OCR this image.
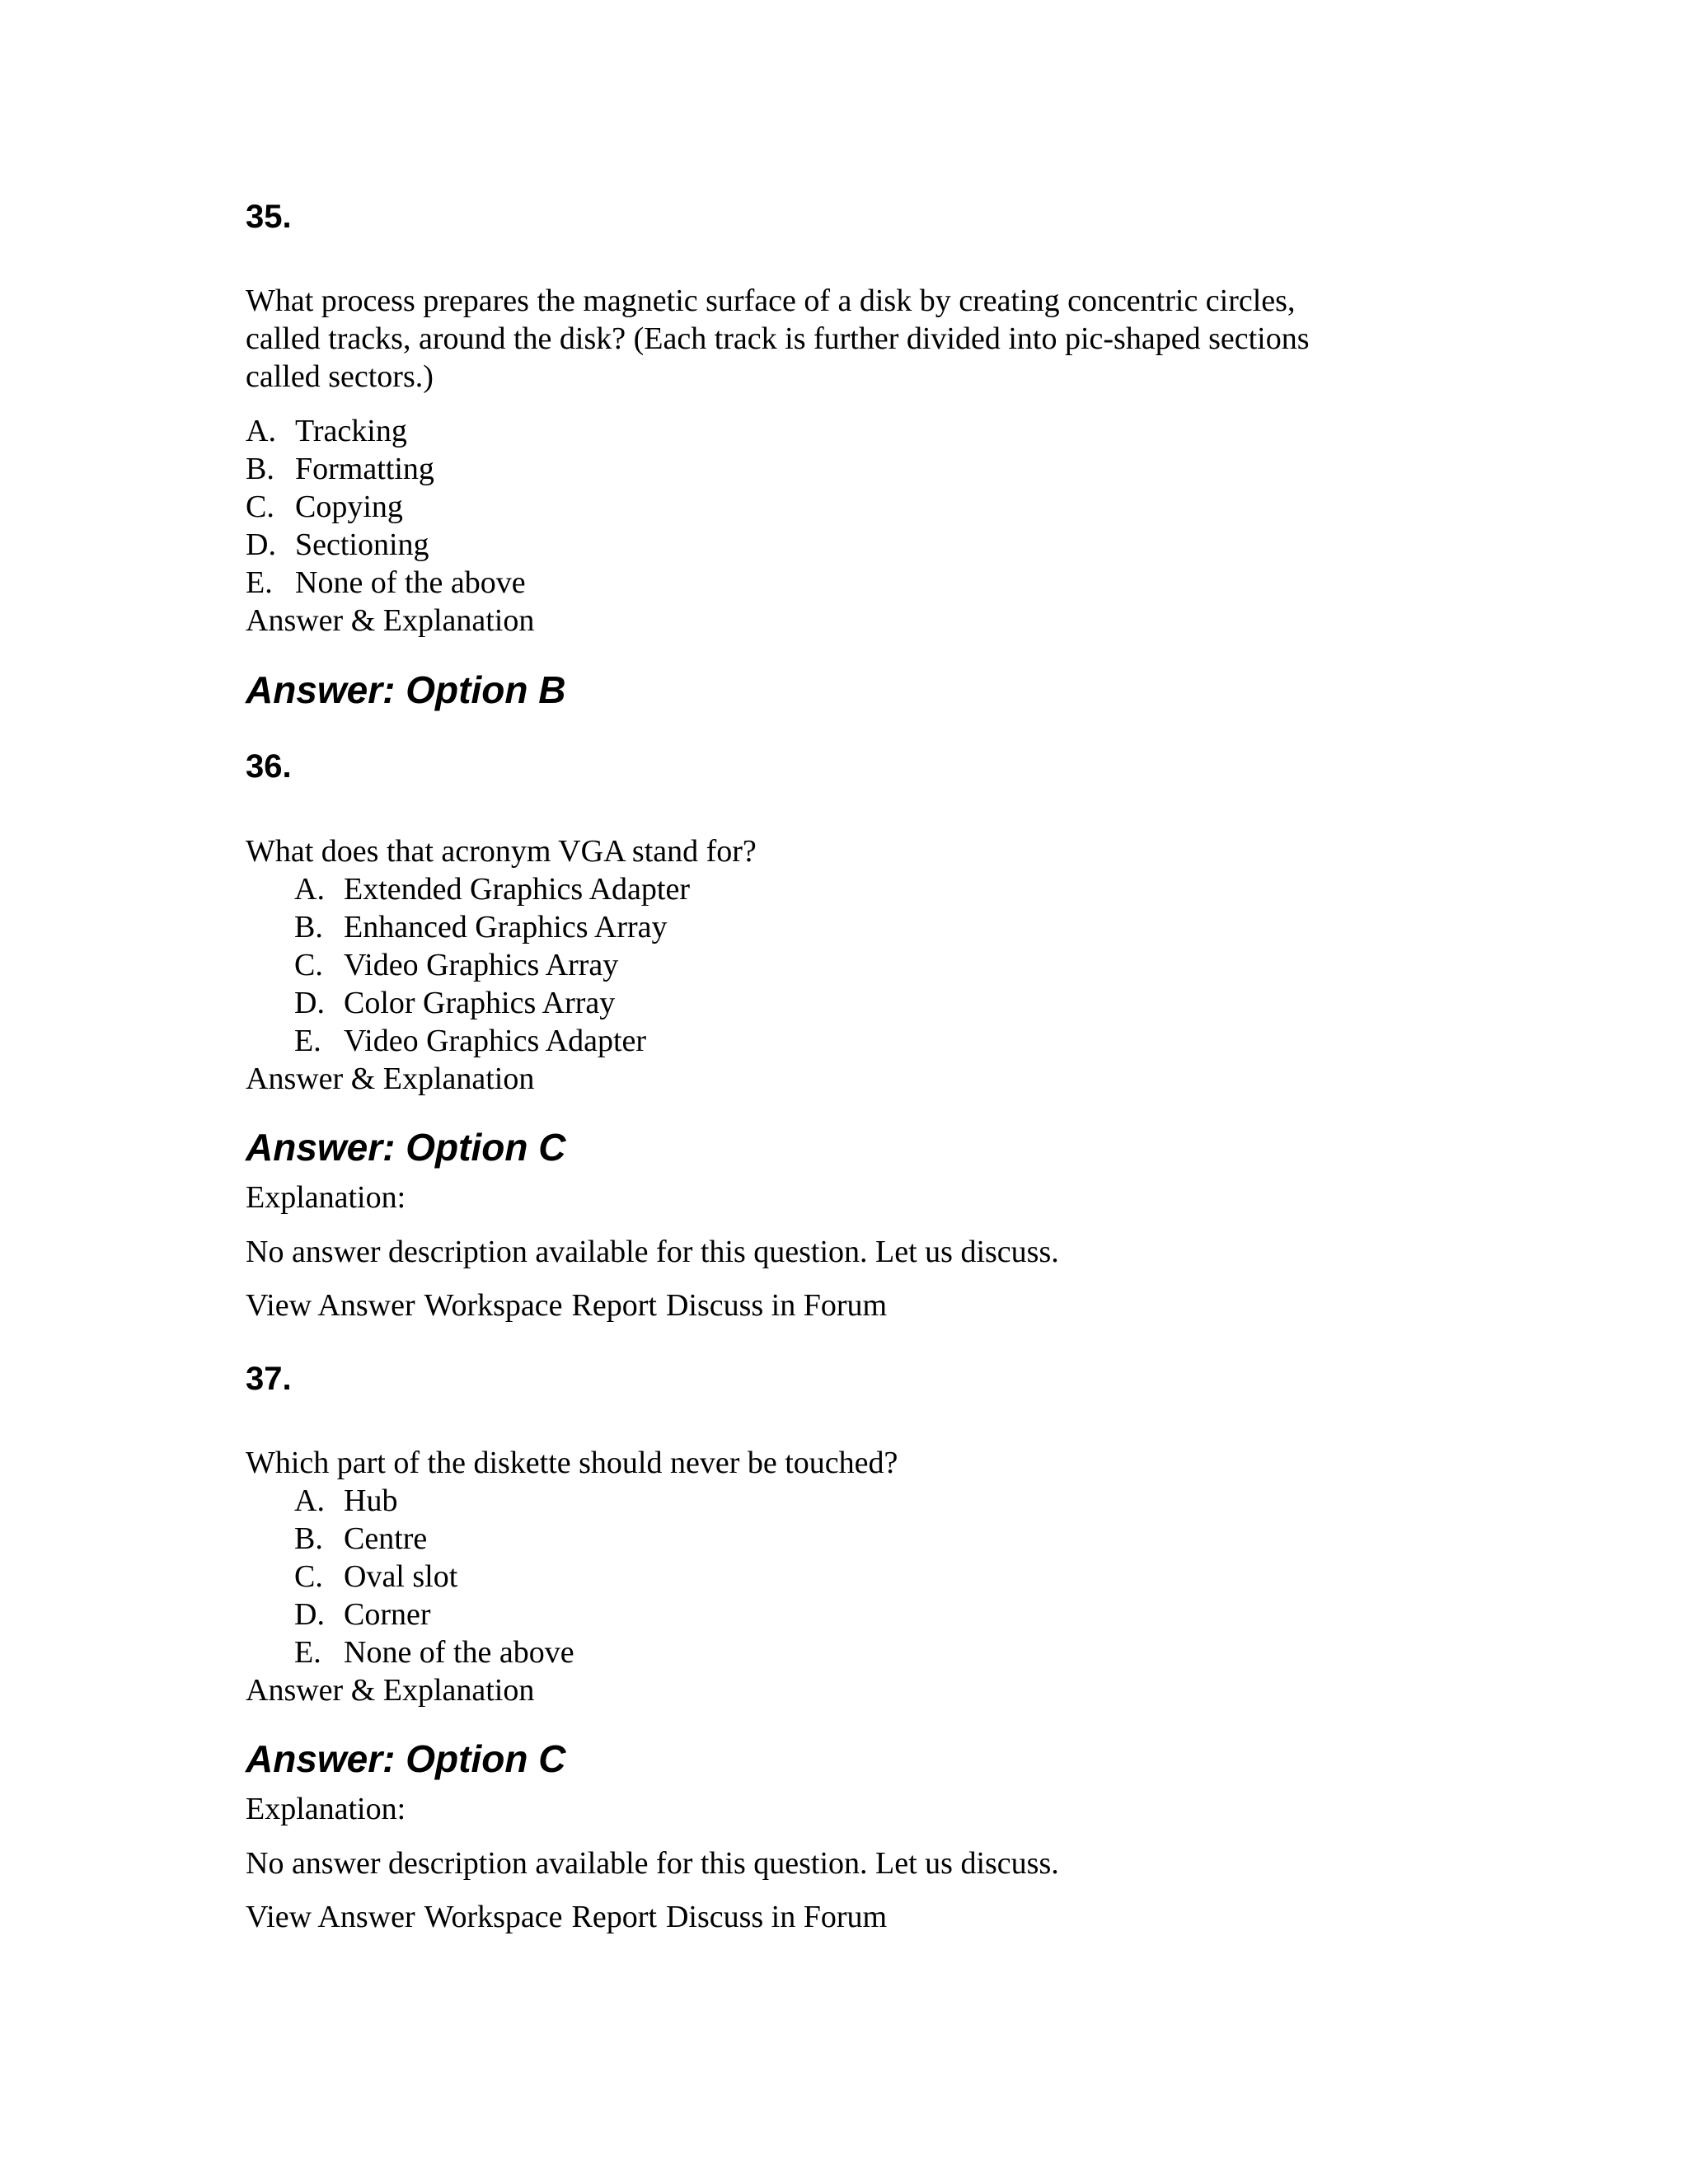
35.
What process prepares the magnetic surface of a disk by creating concentric circles,
called tracks, around the disk? (Each track is further divided into pic-shaped sections
called sectors.)
A. Tracking
B. Formatting
C. Copying
D. Sectioning
E. None of the above
Answer & Explanation
Answer: Option B
36.
What does that acronym VGA stand for?
A. Extended Graphics Adapter
B. Enhanced Graphics Array
C. Video Graphics Array
D. Color Graphics Array
E. Video Graphics Adapter
Answer & Explanation
Answer: Option C
Explanation:
No answer description available for this question. Let us discuss.
View Answer Workspace Report Discuss in Forum
37.
Which part of the diskette should never be touched?
A. Hub
B. Centre
C. Oval slot
D. Corner
E. None of the above
Answer & Explanation
Answer: Option C
Explanation:
No answer description available for this question. Let us discuss.
View Answer Workspace Report Discuss in Forum
